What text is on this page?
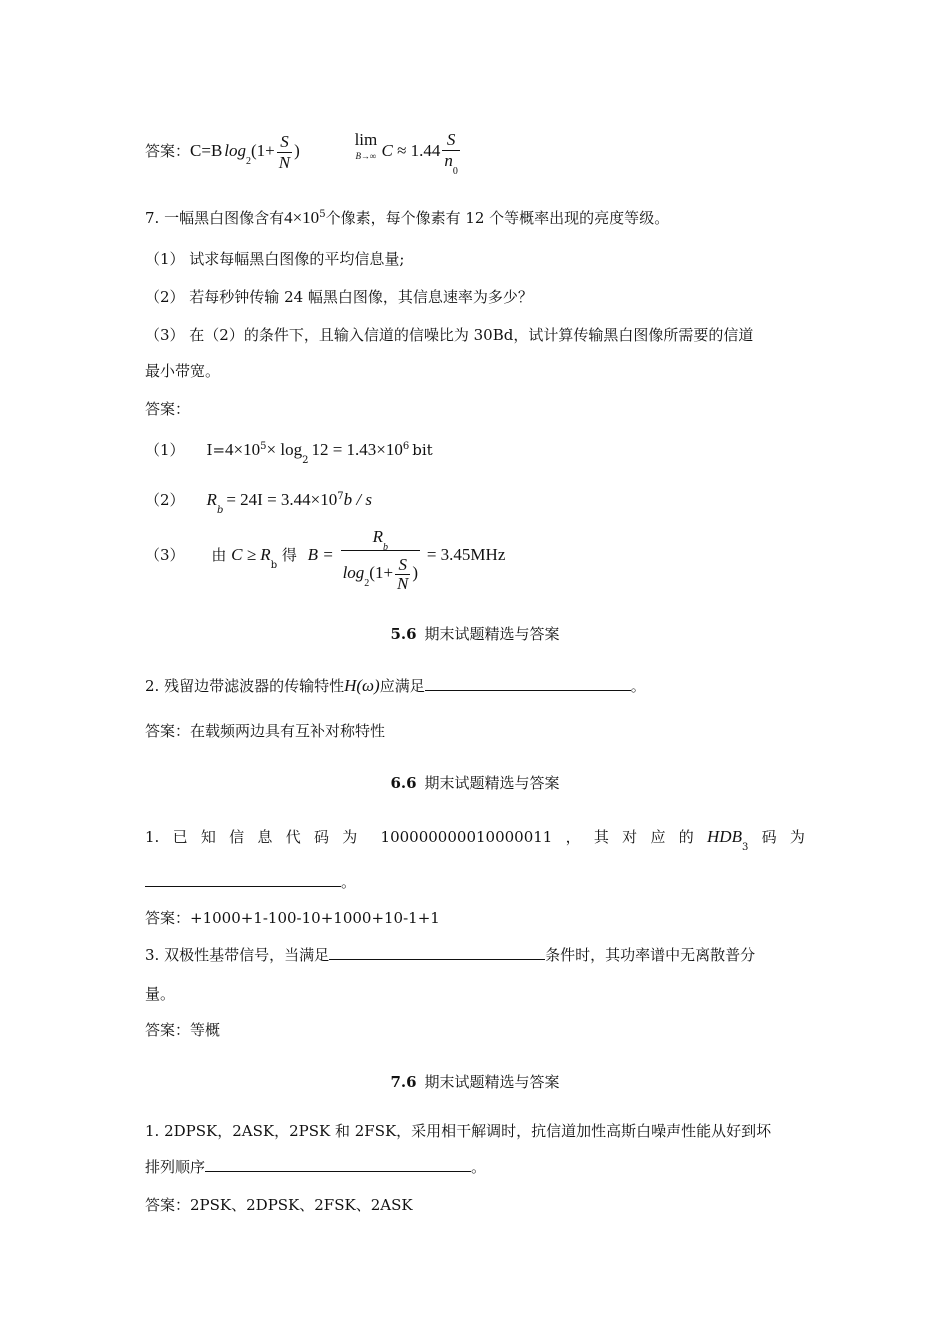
答案：C=B $\log_2(1+ \frac{S}{N}$ ) lim
B→∞ $C \approx 1.44 \frac{S}{n_0}$
7. 一幅黑白图像含有$4\times 10^5$个像素，每个像素有 12 个等概率出现的亮度等级。
（1） 试求每幅黑白图像的平均信息量;
（2） 若每秒钟传输 24 幅黑白图像，其信息速率为多少？
（3） 在（2）的条件下，且输入信道的信噪比为 30Bd，试计算传输黑白图像所需要的信道
最小带宽。
答案：
（1） $I=4\times 10^5\times \log_212 = 1.43\times 10^6$ bit
（2） $R_b= 24I = 3.44\times 10^7b / s$
（3） 由 $C \ge R_b$ 得 $B = \frac{R_b}{\log_2(1+ \frac{S}{N} )} = 3.45MHz$
5.6 期末试题精选与答案
2. 残留边带滤波器的传输特性H(ω)应满足	。
答案：在载频两边具有互补对称特性
6.6 期末试题精选与答案
1. 已 知 信 息 代 码 为 100000000010000011 ， 其 对 应 的 $HDB_3$
码 为
。
答案：+1000+1-100-10+1000+10-1+1
3. 双极性基带信号，当满足	条件时，其功率谱中无离散普分
量。
答案：等概
7.6 期末试题精选与答案
1. 2DPSK，2ASK，2PSK 和 2FSK，采用相干解调时，抗信道加性高斯白噪声性能从好到坏
排列顺序	。
答案：2PSK、2DPSK、2FSK、2ASK
